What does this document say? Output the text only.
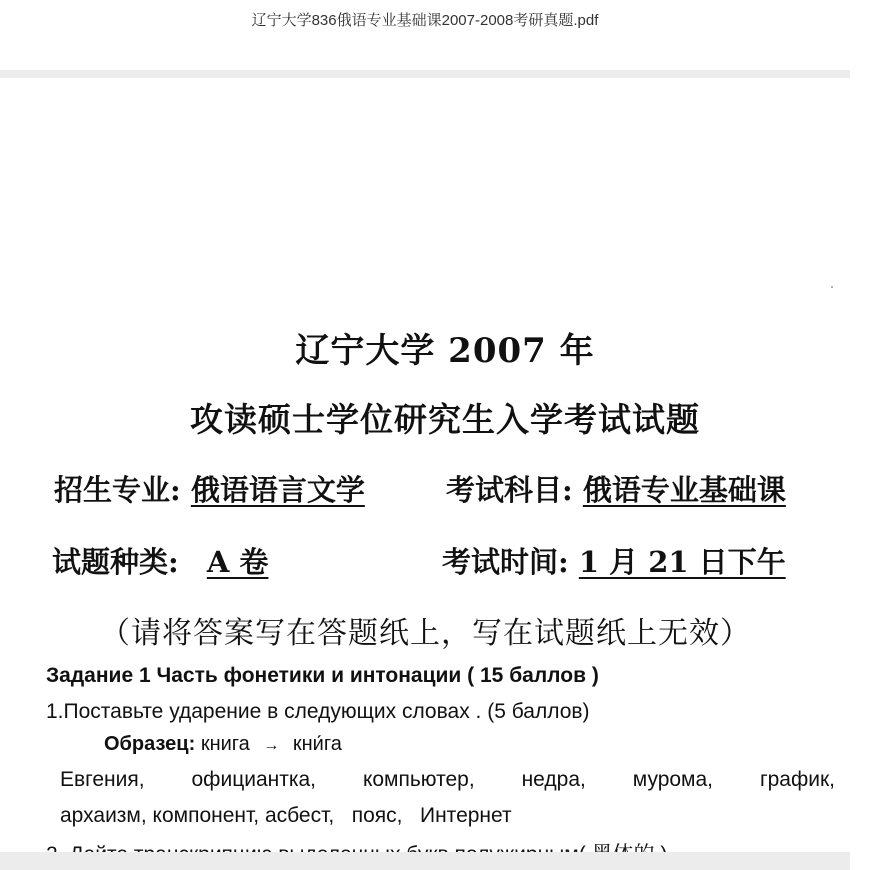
辽宁大学836俄语专业基础课2007-2008考研真题.pdf
辽宁大学 2007 年
攻读硕士学位研究生入学考试试题
招生专业: 俄语语言文学	考试科目: 俄语专业基础课
试题种类: A 卷	考试时间: 1 月 21 日下午
（请将答案写在答题纸上，写在试题纸上无效）
Задание 1 Часть фонетики и интонации ( 15 баллов )
1.Поставьте ударение в следующих словах . (5 баллов)
Образец: книга → кни́га
Евгения, официантка, компьютер, недра, мурома, график,
архаизм, компонент, асбест,   пояс,   Интернет
